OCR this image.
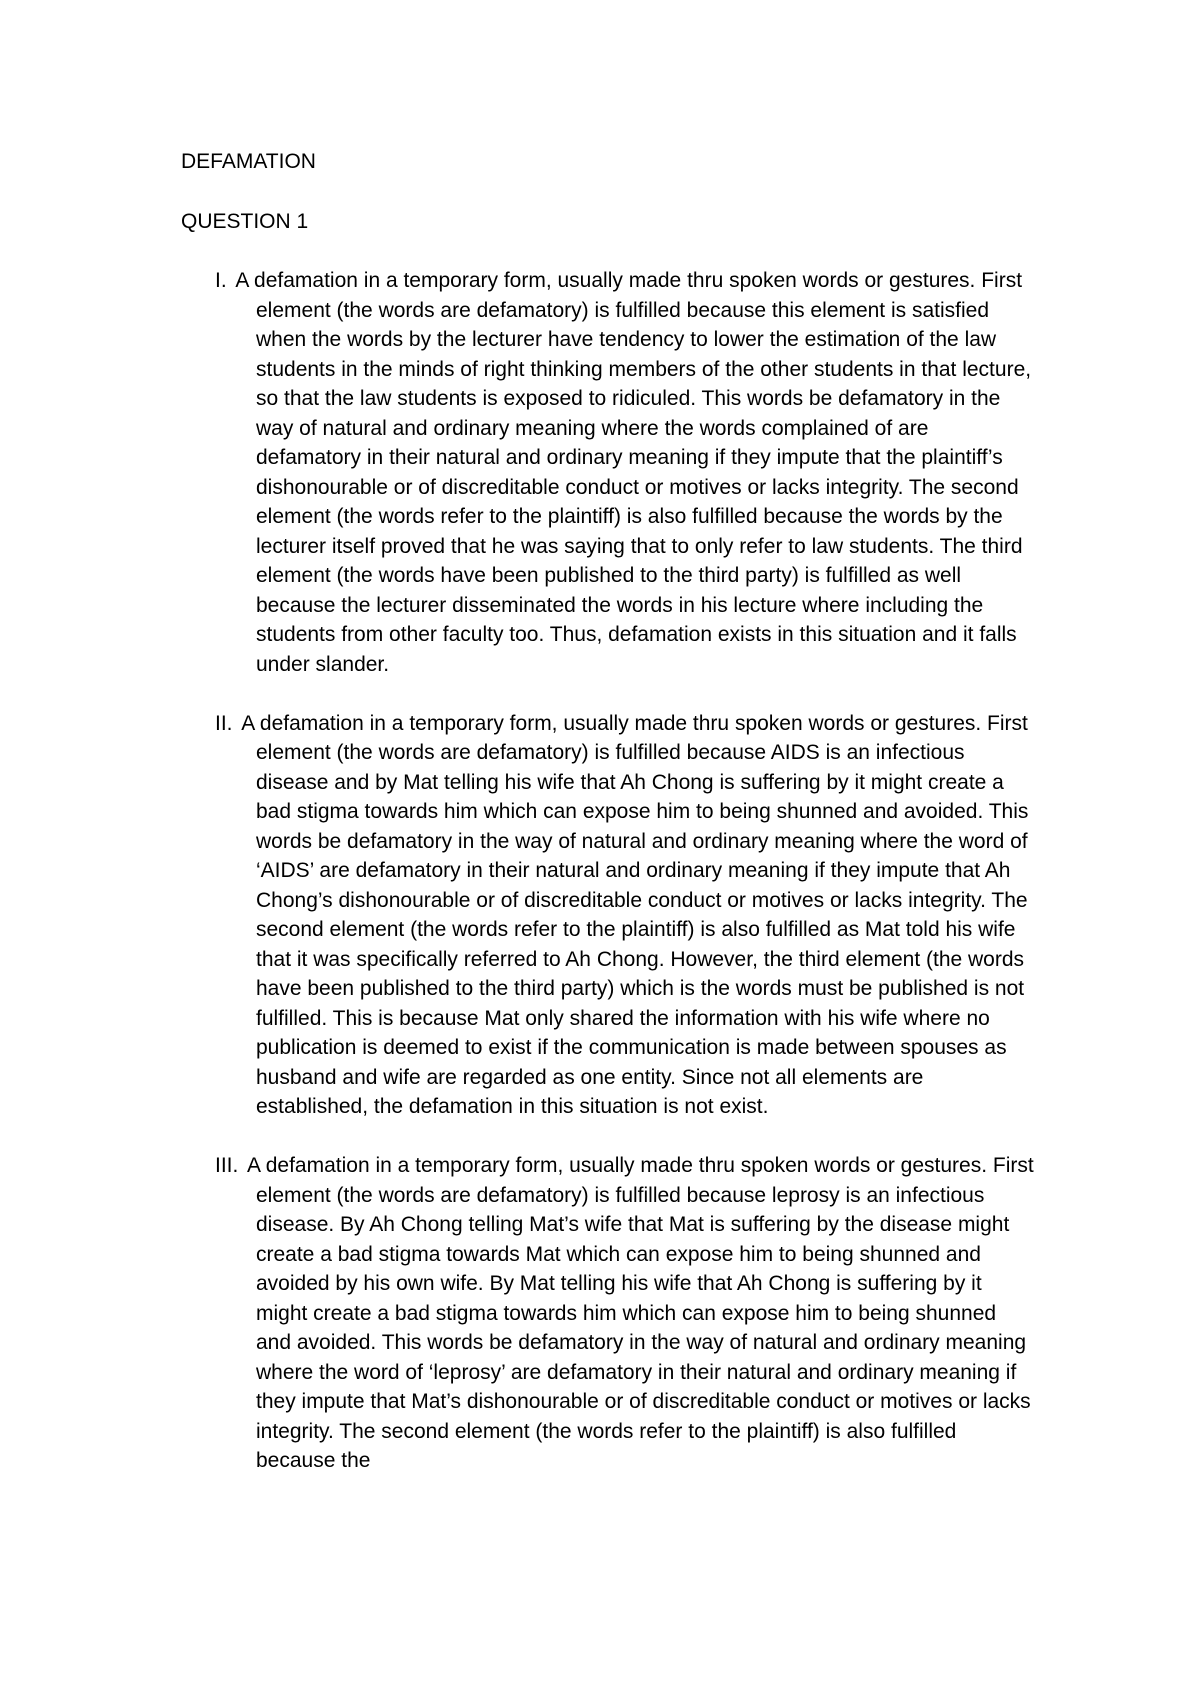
DEFAMATION
QUESTION 1
I. A defamation in a temporary form, usually made thru spoken words or gestures. First element (the words are defamatory) is fulfilled because this element is satisfied when the words by the lecturer have tendency to lower the estimation of the law students in the minds of right thinking members of the other students in that lecture, so that the law students is exposed to ridiculed. This words be defamatory in the way of natural and ordinary meaning where the words complained of are defamatory in their natural and ordinary meaning if they impute that the plaintiff’s dishonourable or of discreditable conduct or motives or lacks integrity. The second element (the words refer to the plaintiff) is also fulfilled because the words by the lecturer itself proved that he was saying that to only refer to law students. The third element (the words have been published to the third party) is fulfilled as well because the lecturer disseminated the words in his lecture where including the students from other faculty too. Thus, defamation exists in this situation and it falls under slander.
II. A defamation in a temporary form, usually made thru spoken words or gestures. First element (the words are defamatory) is fulfilled because AIDS is an infectious disease and by Mat telling his wife that Ah Chong is suffering by it might create a bad stigma towards him which can expose him to being shunned and avoided. This words be defamatory in the way of natural and ordinary meaning where the word of ‘AIDS’ are defamatory in their natural and ordinary meaning if they impute that Ah Chong’s dishonourable or of discreditable conduct or motives or lacks integrity. The second element (the words refer to the plaintiff) is also fulfilled as Mat told his wife that it was specifically referred to Ah Chong. However, the third element (the words have been published to the third party) which is the words must be published is not fulfilled. This is because Mat only shared the information with his wife where no publication is deemed to exist if the communication is made between spouses as husband and wife are regarded as one entity. Since not all elements are established, the defamation in this situation is not exist.
III. A defamation in a temporary form, usually made thru spoken words or gestures. First element (the words are defamatory) is fulfilled because leprosy is an infectious disease. By Ah Chong telling Mat’s wife that Mat is suffering by the disease might create a bad stigma towards Mat which can expose him to being shunned and avoided by his own wife. By Mat telling his wife that Ah Chong is suffering by it might create a bad stigma towards him which can expose him to being shunned and avoided. This words be defamatory in the way of natural and ordinary meaning where the word of ‘leprosy’ are defamatory in their natural and ordinary meaning if they impute that Mat’s dishonourable or of discreditable conduct or motives or lacks integrity. The second element (the words refer to the plaintiff) is also fulfilled because the
